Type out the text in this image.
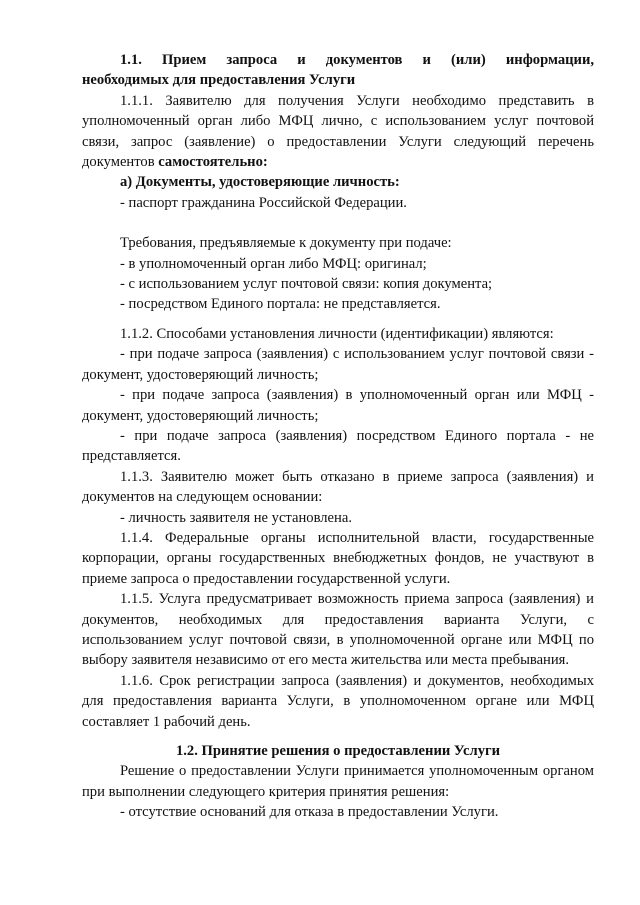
1.1. Прием запроса и документов и (или) информации,

необходимых для предоставления Услуги

1.1.1. Заявителю для получения Услуги необходимо представить в уполномоченный орган либо МФЦ лично, с использованием услуг почтовой связи, запрос (заявление) о предоставлении Услуги следующий перечень документов самостоятельно:

а) Документы, удостоверяющие личность:

- паспорт гражданина Российской Федерации.

Требования, предъявляемые к документу при подаче:

- в уполномоченный орган либо МФЦ: оригинал;

- с использованием услуг почтовой связи: копия документа;

- посредством Единого портала: не представляется.

1.1.2. Способами установления личности (идентификации) являются:

- при подаче запроса (заявления) с использованием услуг почтовой связи - документ, удостоверяющий личность;

- при подаче запроса (заявления) в уполномоченный орган или МФЦ - документ, удостоверяющий личность;

- при подаче запроса (заявления) посредством Единого портала - не представляется.

1.1.3. Заявителю может быть отказано в приеме запроса (заявления) и документов на следующем основании:

- личность заявителя не установлена.

1.1.4. Федеральные органы исполнительной власти, государственные корпорации, органы государственных внебюджетных фондов, не участвуют в приеме запроса о предоставлении государственной услуги.

1.1.5. Услуга предусматривает возможность приема запроса (заявления) и документов, необходимых для предоставления варианта Услуги, с использованием услуг почтовой связи, в уполномоченной органе или МФЦ по выбору заявителя независимо от его места жительства или места пребывания.

1.1.6. Срок регистрации запроса (заявления) и документов, необходимых для предоставления варианта Услуги, в уполномоченном органе или МФЦ составляет 1 рабочий день.

1.2. Принятие решения о предоставлении Услуги

Решение о предоставлении Услуги принимается уполномоченным органом при выполнении следующего критерия принятия решения:

- отсутствие оснований для отказа в предоставлении Услуги.
